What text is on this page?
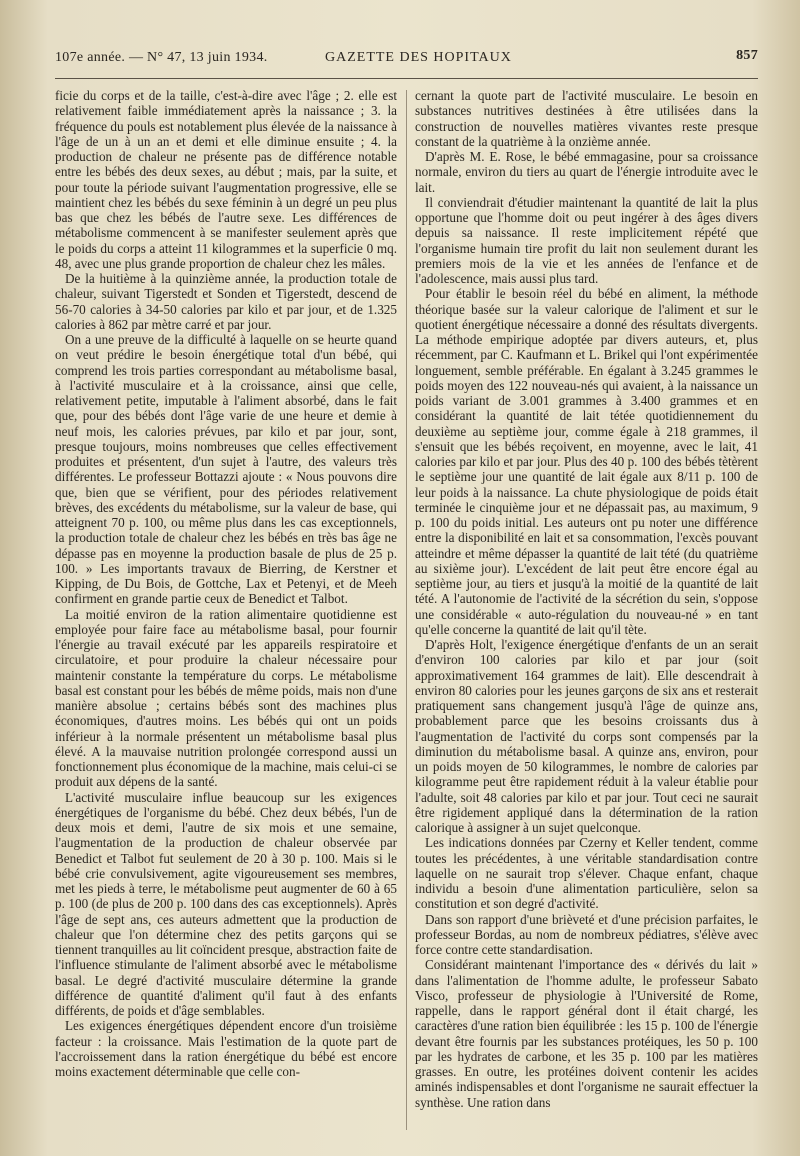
107e année. — N° 47, 13 juin 1934.	GAZETTE DES HOPITAUX	857

ficie du corps et de la taille, c'est-à-dire avec l'âge ; 2. elle est relativement faible immédiatement après la naissance ; 3. la fréquence du pouls est notablement plus élevée de la naissance à l'âge de un à un an et demi et elle diminue ensuite ; 4. la production de chaleur ne présente pas de différence notable entre les bébés des deux sexes, au début ; mais, par la suite, et pour toute la période suivant l'augmentation progressive, elle se maintient chez les bébés du sexe féminin à un degré un peu plus bas que chez les bébés de l'autre sexe. Les différences de métabolisme commencent à se manifester seulement après que le poids du corps a atteint 11 kilogrammes et la superficie 0 mq. 48, avec une plus grande proportion de chaleur chez les mâles.

De la huitième à la quinzième année, la production totale de chaleur, suivant Tigerstedt et Sonden et Tigerstedt, descend de 56-70 calories à 34-50 calories par kilo et par jour, et de 1.325 calories à 862 par mètre carré et par jour.

On a une preuve de la difficulté à laquelle on se heurte quand on veut prédire le besoin énergétique total d'un bébé, qui comprend les trois parties correspondant au métabolisme basal, à l'activité musculaire et à la croissance, ainsi que celle, relativement petite, imputable à l'aliment absorbé, dans le fait que, pour des bébés dont l'âge varie de une heure et demie à neuf mois, les calories prévues, par kilo et par jour, sont, presque toujours, moins nombreuses que celles effectivement produites et présentent, d'un sujet à l'autre, des valeurs très différentes. Le professeur Bottazzi ajoute : « Nous pouvons dire que, bien que se vérifient, pour des périodes relativement brèves, des excédents du métabolisme, sur la valeur de base, qui atteignent 70 p. 100, ou même plus dans les cas exceptionnels, la production totale de chaleur chez les bébés en très bas âge ne dépasse pas en moyenne la production basale de plus de 25 p. 100. » Les importants travaux de Bierring, de Kerstner et Kipping, de Du Bois, de Gottche, Lax et Petenyi, et de Meeh confirment en grande partie ceux de Benedict et Talbot.

La moitié environ de la ration alimentaire quotidienne est employée pour faire face au métabolisme basal, pour fournir l'énergie au travail exécuté par les appareils respiratoire et circulatoire, et pour produire la chaleur nécessaire pour maintenir constante la température du corps. Le métabolisme basal est constant pour les bébés de même poids, mais non d'une manière absolue ; certains bébés sont des machines plus économiques, d'autres moins. Les bébés qui ont un poids inférieur à la normale présentent un métabolisme basal plus élevé. A la mauvaise nutrition prolongée correspond aussi un fonctionnement plus économique de la machine, mais celui-ci se produit aux dépens de la santé.

L'activité musculaire influe beaucoup sur les exigences énergétiques de l'organisme du bébé. Chez deux bébés, l'un de deux mois et demi, l'autre de six mois et une semaine, l'augmentation de la production de chaleur observée par Benedict et Talbot fut seulement de 20 à 30 p. 100. Mais si le bébé crie convulsivement, agite vigoureusement ses membres, met les pieds à terre, le métabolisme peut augmenter de 60 à 65 p. 100 (de plus de 200 p. 100 dans des cas exceptionnels). Après l'âge de sept ans, ces auteurs admettent que la production de chaleur que l'on détermine chez des petits garçons qui se tiennent tranquilles au lit coïncident presque, abstraction faite de l'influence stimulante de l'aliment absorbé avec le métabolisme basal. Le degré d'activité musculaire détermine la grande différence de quantité d'aliment qu'il faut à des enfants différents, de poids et d'âge semblables.

Les exigences énergétiques dépendent encore d'un troisième facteur : la croissance. Mais l'estimation de la quote part de l'accroissement dans la ration énergétique du bébé est encore moins exactement déterminable que celle con-

cernant la quote part de l'activité musculaire. Le besoin en substances nutritives destinées à être utilisées dans la construction de nouvelles matières vivantes reste presque constant de la quatrième à la onzième année.

D'après M. E. Rose, le bébé emmagasine, pour sa croissance normale, environ du tiers au quart de l'énergie introduite avec le lait.

Il conviendrait d'étudier maintenant la quantité de lait la plus opportune que l'homme doit ou peut ingérer à des âges divers depuis sa naissance. Il reste implicitement répété que l'organisme humain tire profit du lait non seulement durant les premiers mois de la vie et les années de l'enfance et de l'adolescence, mais aussi plus tard.

Pour établir le besoin réel du bébé en aliment, la méthode théorique basée sur la valeur calorique de l'aliment et sur le quotient énergétique nécessaire a donné des résultats divergents. La méthode empirique adoptée par divers auteurs, et, plus récemment, par C. Kaufmann et L. Brikel qui l'ont expérimentée longuement, semble préférable. En égalant à 3.245 grammes le poids moyen des 122 nouveau-nés qui avaient, à la naissance un poids variant de 3.001 grammes à 3.400 grammes et en considérant la quantité de lait tétée quotidiennement du deuxième au septième jour, comme égale à 218 grammes, il s'ensuit que les bébés reçoivent, en moyenne, avec le lait, 41 calories par kilo et par jour. Plus des 40 p. 100 des bébés tètèrent le septième jour une quantité de lait égale aux 8/11 p. 100 de leur poids à la naissance. La chute physiologique de poids était terminée le cinquième jour et ne dépassait pas, au maximum, 9 p. 100 du poids initial. Les auteurs ont pu noter une différence entre la disponibilité en lait et sa consommation, l'excès pouvant atteindre et même dépasser la quantité de lait tété (du quatrième au sixième jour). L'excédent de lait peut être encore égal au septième jour, au tiers et jusqu'à la moitié de la quantité de lait tété. A l'autonomie de l'activité de la sécrétion du sein, s'oppose une considérable « auto-régulation du nouveau-né » en tant qu'elle concerne la quantité de lait qu'il tète.

D'après Holt, l'exigence énergétique d'enfants de un an serait d'environ 100 calories par kilo et par jour (soit approximativement 164 grammes de lait). Elle descendrait à environ 80 calories pour les jeunes garçons de six ans et resterait pratiquement sans changement jusqu'à l'âge de quinze ans, probablement parce que les besoins croissants dus à l'augmentation de l'activité du corps sont compensés par la diminution du métabolisme basal. A quinze ans, environ, pour un poids moyen de 50 kilogrammes, le nombre de calories par kilogramme peut être rapidement réduit à la valeur établie pour l'adulte, soit 48 calories par kilo et par jour. Tout ceci ne saurait être rigidement appliqué dans la détermination de la ration calorique à assigner à un sujet quelconque.

Les indications données par Czerny et Keller tendent, comme toutes les précédentes, à une véritable standardisation contre laquelle on ne saurait trop s'élever. Chaque enfant, chaque individu a besoin d'une alimentation particulière, selon sa constitution et son degré d'activité.

Dans son rapport d'une brièveté et d'une précision parfaites, le professeur Bordas, au nom de nombreux pédiatres, s'élève avec force contre cette standardisation.

Considérant maintenant l'importance des « dérivés du lait » dans l'alimentation de l'homme adulte, le professeur Sabato Visco, professeur de physiologie à l'Université de Rome, rappelle, dans le rapport général dont il était chargé, les caractères d'une ration bien équilibrée : les 15 p. 100 de l'énergie devant être fournis par les substances protéiques, les 50 p. 100 par les hydrates de carbone, et les 35 p. 100 par les matières grasses. En outre, les protéines doivent contenir les acides aminés indispensables et dont l'organisme ne saurait effectuer la synthèse. Une ration dans
